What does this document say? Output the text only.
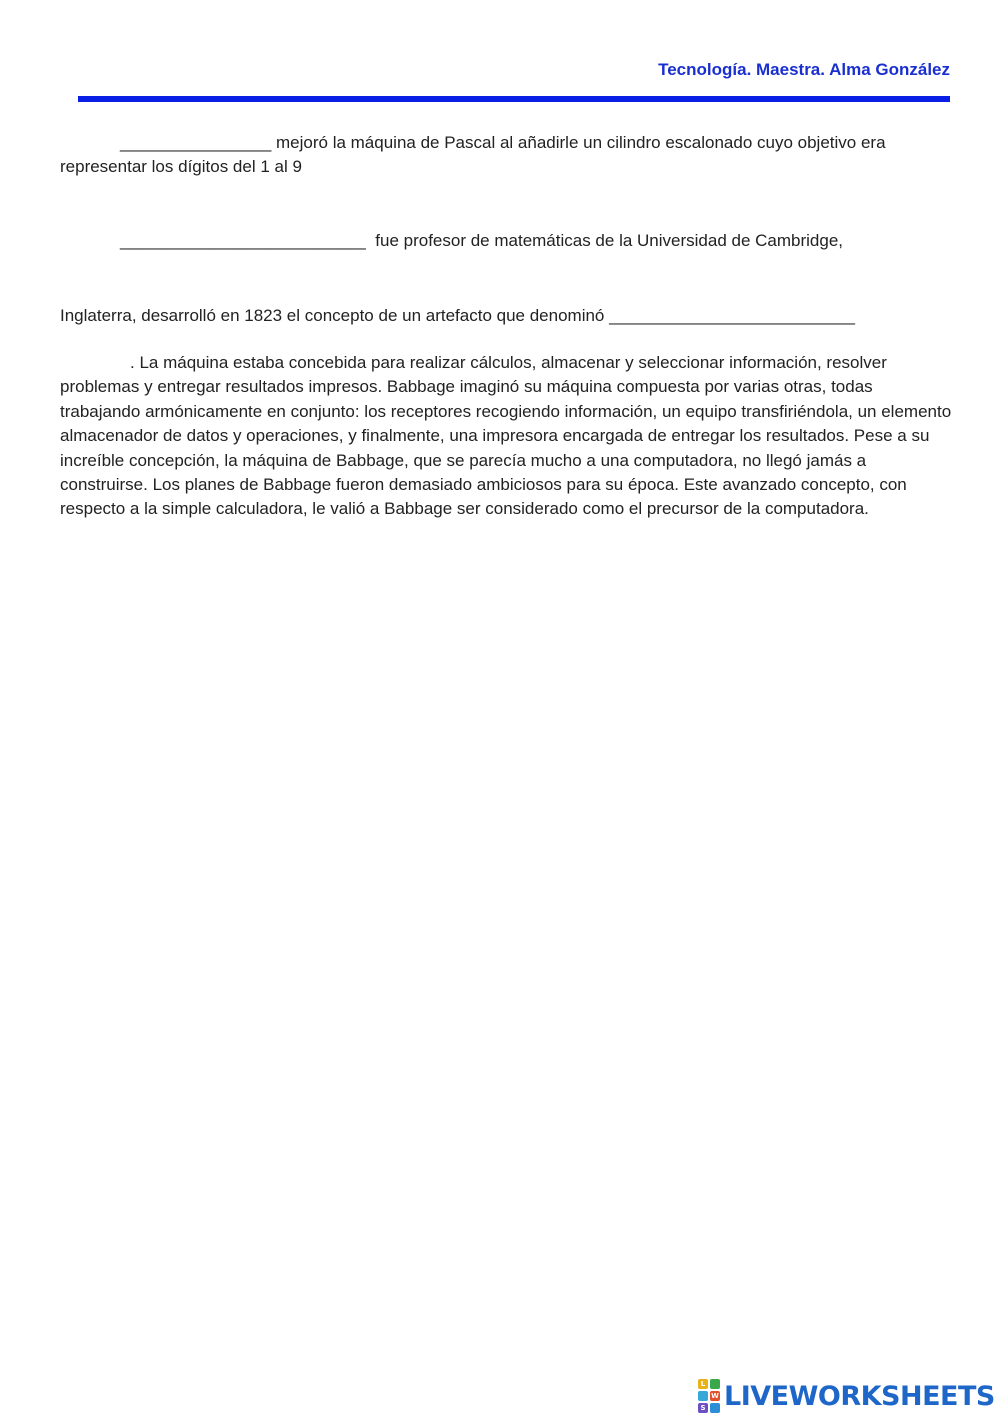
Tecnología. Maestra. Alma González

________________ mejoró la máquina de Pascal al añadirle un cilindro escalonado cuyo objetivo era representar los dígitos del 1 al 9

__________________________  fue profesor de matemáticas de la Universidad de Cambridge,

Inglaterra, desarrolló en 1823 el concepto de un artefacto que denominó __________________________

. La máquina estaba concebida para realizar cálculos, almacenar y seleccionar información, resolver problemas y entregar resultados impresos. Babbage imaginó su máquina compuesta por varias otras, todas trabajando armónicamente en conjunto: los receptores recogiendo información, un equipo transfiriéndola, un elemento almacenador de datos y operaciones, y finalmente, una impresora encargada de entregar los resultados. Pese a su increíble concepción, la máquina de Babbage, que se parecía mucho a una computadora, no llegó jamás a construirse. Los planes de Babbage fueron demasiado ambiciosos para su época. Este avanzado concepto, con respecto a la simple calculadora, le valió a Babbage ser considerado como el precursor de la computadora.

L
W
S LIVEWORKSHEETS
